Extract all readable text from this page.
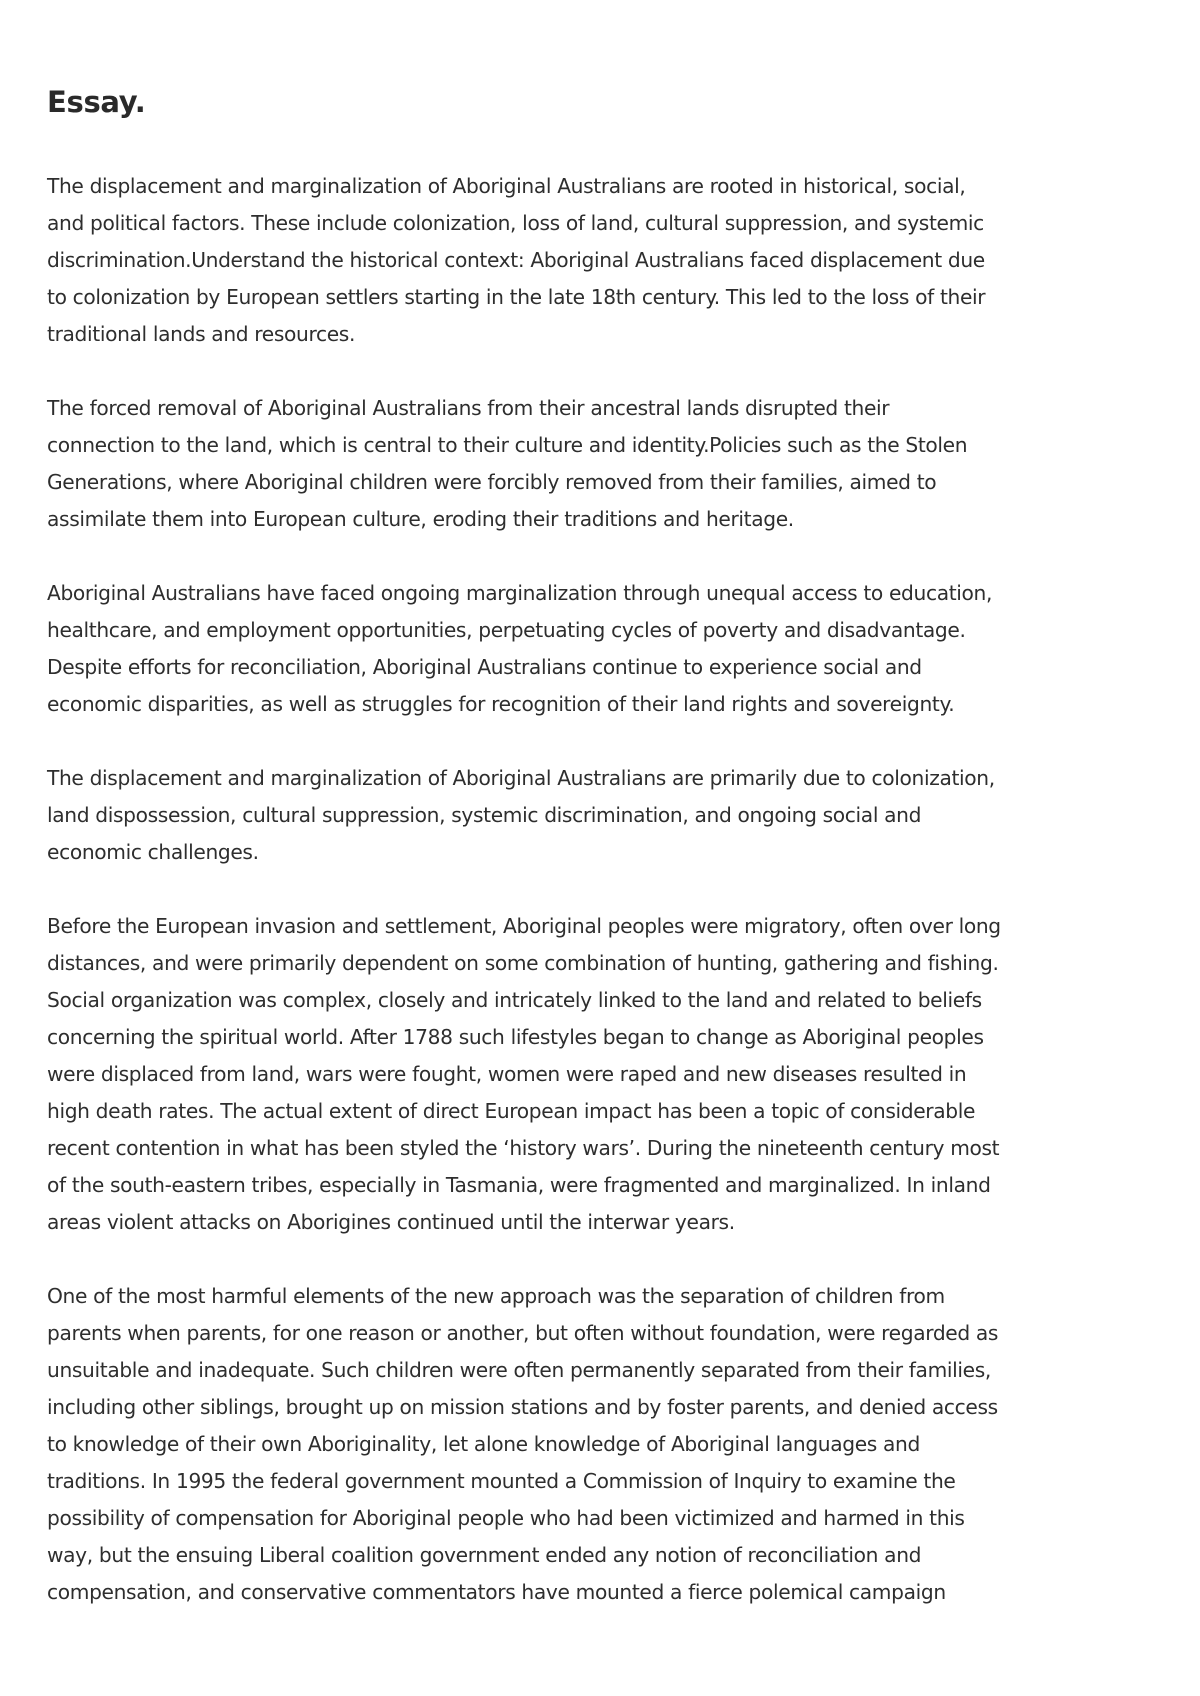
Essay.

The displacement and marginalization of Aboriginal Australians are rooted in historical, social,
and political factors. These include colonization, loss of land, cultural suppression, and systemic
discrimination.Understand the historical context: Aboriginal Australians faced displacement due
to colonization by European settlers starting in the late 18th century. This led to the loss of their
traditional lands and resources.

The forced removal of Aboriginal Australians from their ancestral lands disrupted their
connection to the land, which is central to their culture and identity.Policies such as the Stolen
Generations, where Aboriginal children were forcibly removed from their families, aimed to
assimilate them into European culture, eroding their traditions and heritage.

Aboriginal Australians have faced ongoing marginalization through unequal access to education,
healthcare, and employment opportunities, perpetuating cycles of poverty and disadvantage.
Despite efforts for reconciliation, Aboriginal Australians continue to experience social and
economic disparities, as well as struggles for recognition of their land rights and sovereignty.

The displacement and marginalization of Aboriginal Australians are primarily due to colonization,
land dispossession, cultural suppression, systemic discrimination, and ongoing social and
economic challenges.

Before the European invasion and settlement, Aboriginal peoples were migratory, often over long
distances, and were primarily dependent on some combination of hunting, gathering and fishing.
Social organization was complex, closely and intricately linked to the land and related to beliefs
concerning the spiritual world. After 1788 such lifestyles began to change as Aboriginal peoples
were displaced from land, wars were fought, women were raped and new diseases resulted in
high death rates. The actual extent of direct European impact has been a topic of considerable
recent contention in what has been styled the ‘history wars’. During the nineteenth century most
of the south-eastern tribes, especially in Tasmania, were fragmented and marginalized. In inland
areas violent attacks on Aborigines continued until the interwar years.

One of the most harmful elements of the new approach was the separation of children from
parents when parents, for one reason or another, but often without foundation, were regarded as
unsuitable and inadequate. Such children were often permanently separated from their families,
including other siblings, brought up on mission stations and by foster parents, and denied access
to knowledge of their own Aboriginality, let alone knowledge of Aboriginal languages and
traditions. In 1995 the federal government mounted a Commission of Inquiry to examine the
possibility of compensation for Aboriginal people who had been victimized and harmed in this
way, but the ensuing Liberal coalition government ended any notion of reconciliation and
compensation, and conservative commentators have mounted a fierce polemical campaign
